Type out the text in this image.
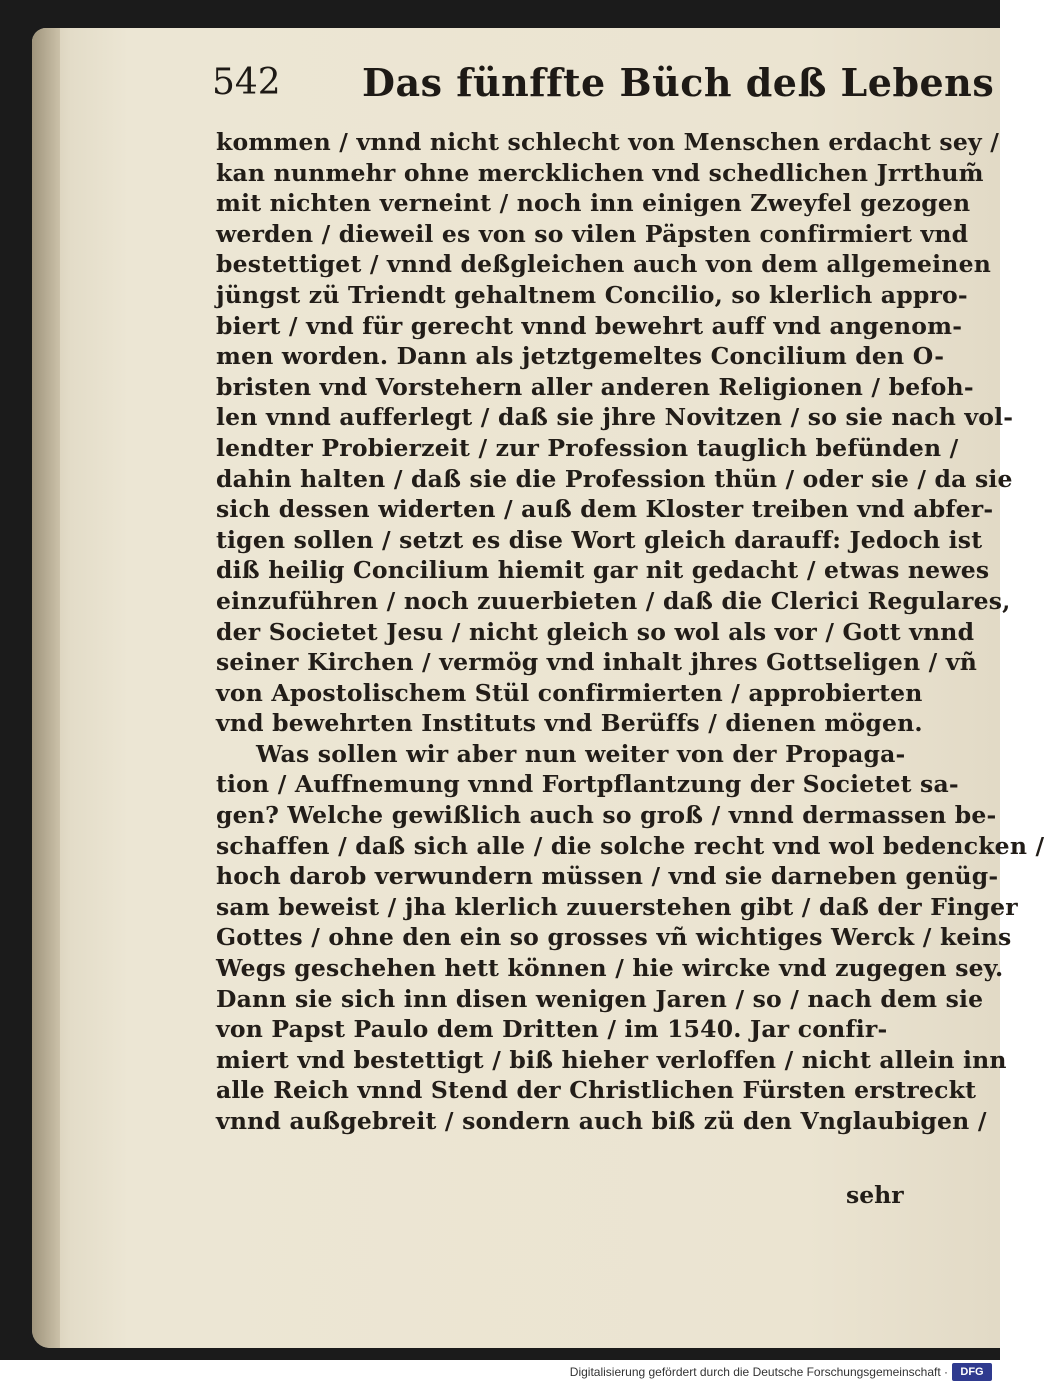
542 Das fünffte Büch deß Lebens
kommen / vnnd nicht schlecht von Menschen erdacht sey /
kan nunmehr ohne mercklichen vnd schedlichen Jrrthum̃
mit nichten verneint / noch inn einigen Zweyfel gezogen
werden / dieweil es von so vilen Päpsten confirmiert vnd
bestettiget / vnnd deßgleichen auch von dem allgemeinen
jüngst zü Triendt gehaltnem Concilio, so klerlich appro-
biert / vnd für gerecht vnnd bewehrt auff vnd angenom-
men worden. Dann als jetztgemeltes Concilium den O-
bristen vnd Vorstehern aller anderen Religionen / befoh-
len vnnd aufferlegt / daß sie jhre Novitzen / so sie nach vol-
lendter Probierzeit / zur Profession tauglich befünden /
dahin halten / daß sie die Profession thün / oder sie / da sie
sich dessen widerten / auß dem Kloster treiben vnd abfer-
tigen sollen / setzt es dise Wort gleich darauff: Jedoch ist
diß heilig Concilium hiemit gar nit gedacht / etwas newes
einzuführen / noch zuuerbieten / daß die Clerici Regulares,
der Societet Jesu / nicht gleich so wol als vor / Gott vnnd
seiner Kirchen / vermög vnd inhalt jhres Gottseligen / vñ
von Apostolischem Stül confirmierten / approbierten
vnd bewehrten Instituts vnd Berüffs / dienen mögen.
Was sollen wir aber nun weiter von der Propaga-
tion / Auffnemung vnnd Fortpflantzung der Societet sa-
gen? Welche gewißlich auch so groß / vnnd dermassen be-
schaffen / daß sich alle / die solche recht vnd wol bedencken /
hoch darob verwundern müssen / vnd sie darneben genüg-
sam beweist / jha klerlich zuuerstehen gibt / daß der Finger
Gottes / ohne den ein so grosses vñ wichtiges Werck / keins
Wegs geschehen hett können / hie wircke vnd zugegen sey.
Dann sie sich inn disen wenigen Jaren / so / nach dem sie
von Papst Paulo dem Dritten / im 1540. Jar confir-
miert vnd bestettigt / biß hieher verloffen / nicht allein inn
alle Reich vnnd Stend der Christlichen Fürsten erstreckt
vnnd außgebreit / sondern auch biß zü den Vnglaubigen /
sehr
Digitalisierung gefördert durch die Deutsche Forschungsgemeinschaft ·	DFG
